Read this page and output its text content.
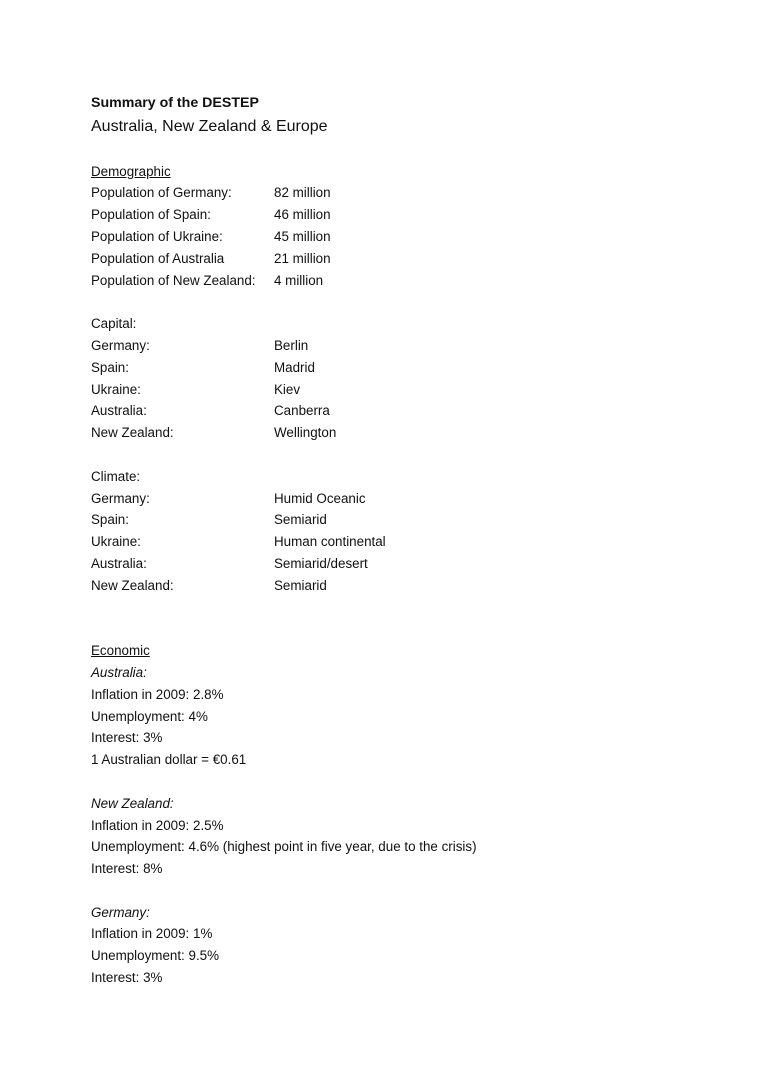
Summary of the DESTEP
Australia, New Zealand & Europe
Demographic
Population of Germany:	82 million
Population of Spain:	46 million
Population of Ukraine:	45 million
Population of Australia	21 million
Population of New Zealand:	4 million
Capital:
Germany:	Berlin
Spain:	Madrid
Ukraine:	Kiev
Australia:	Canberra
New Zealand:	Wellington
Climate:
Germany:	Humid Oceanic
Spain:	Semiarid
Ukraine:	Human continental
Australia:	Semiarid/desert
New Zealand:	Semiarid
Economic
Australia:
Inflation in 2009: 2.8%
Unemployment: 4%
Interest: 3%
1 Australian dollar = €0.61
New Zealand:
Inflation in 2009: 2.5%
Unemployment: 4.6% (highest point in five year, due to the crisis)
Interest: 8%
Germany:
Inflation in 2009: 1%
Unemployment: 9.5%
Interest: 3%
